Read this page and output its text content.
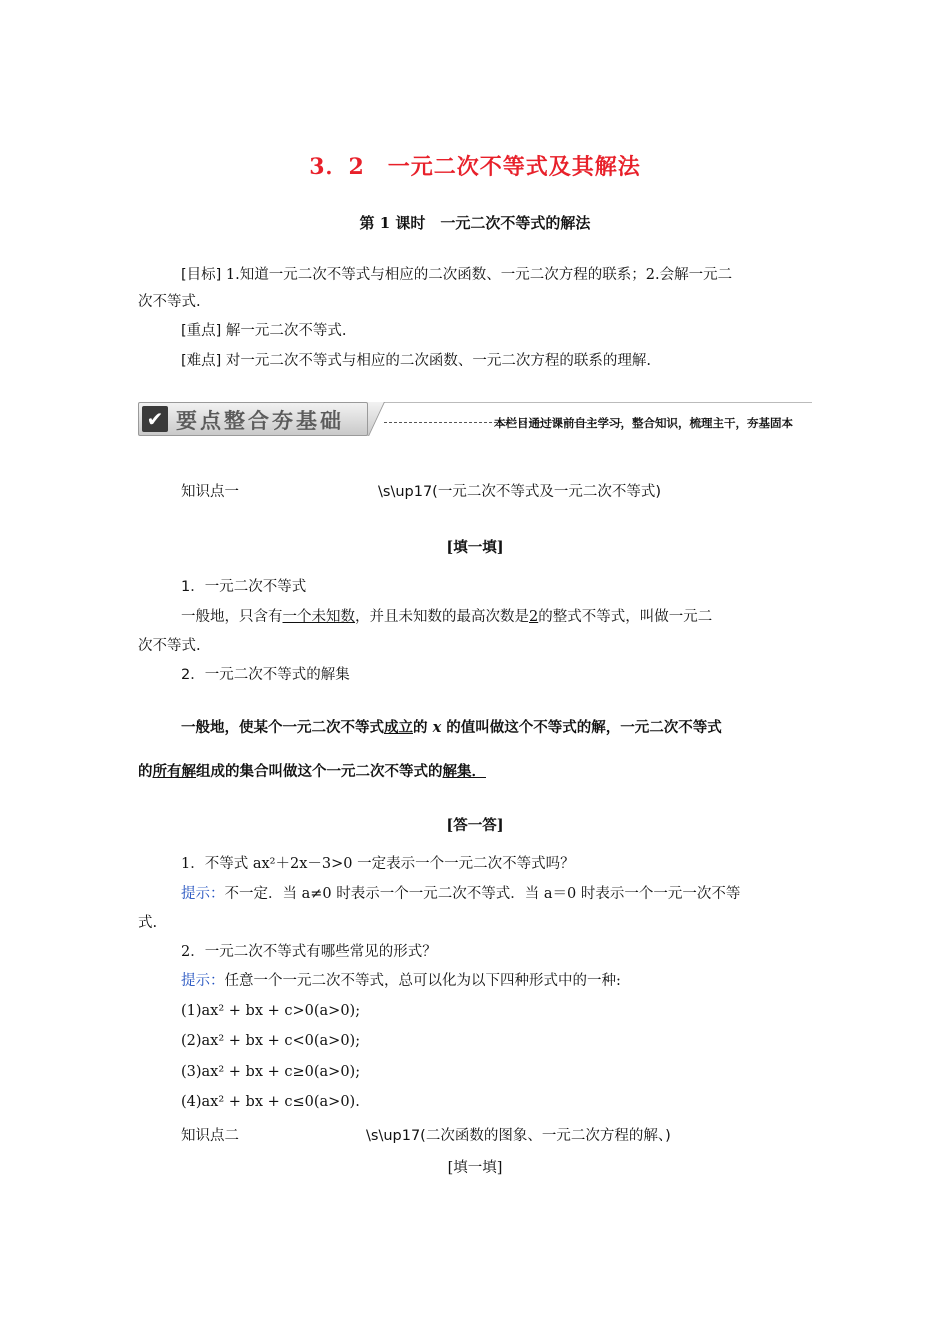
3．2　一元二次不等式及其解法
第 1 课时　一元二次不等式的解法
[目标] 1.知道一元二次不等式与相应的二次函数、一元二次方程的联系；2.会解一元二
次不等式.
[重点] 解一元二次不等式.
[难点] 对一元二次不等式与相应的二次函数、一元二次方程的联系的理解.
✔ 要点整合夯基础	本栏目通过课前自主学习，整合知识，梳理主干，夯基固本
知识点一	\s\up17(一元二次不等式及一元二次不等式)
[填一填]
1．一元二次不等式
一般地，只含有一个未知数，并且未知数的最高次数是2的整式不等式，叫做一元二
次不等式.
2．一元二次不等式的解集
一般地，使某个一元二次不等式成立的 x 的值叫做这个不等式的解，一元二次不等式
的所有解组成的集合叫做这个一元二次不等式的解集．
[答一答]
1．不等式 ax²＋2x－3>0 一定表示一个一元二次不等式吗？
提示：不一定．当 a≠0 时表示一个一元二次不等式．当 a＝0 时表示一个一元一次不等
式.
2．一元二次不等式有哪些常见的形式？
提示：任意一个一元二次不等式，总可以化为以下四种形式中的一种:
(1)ax² + bx + c>0(a>0);
(2)ax² + bx + c<0(a>0);
(3)ax² + bx + c≥0(a>0);
(4)ax² + bx + c≤0(a>0).
知识点二	\s\up17(二次函数的图象、一元二次方程的解、)
[填一填]
